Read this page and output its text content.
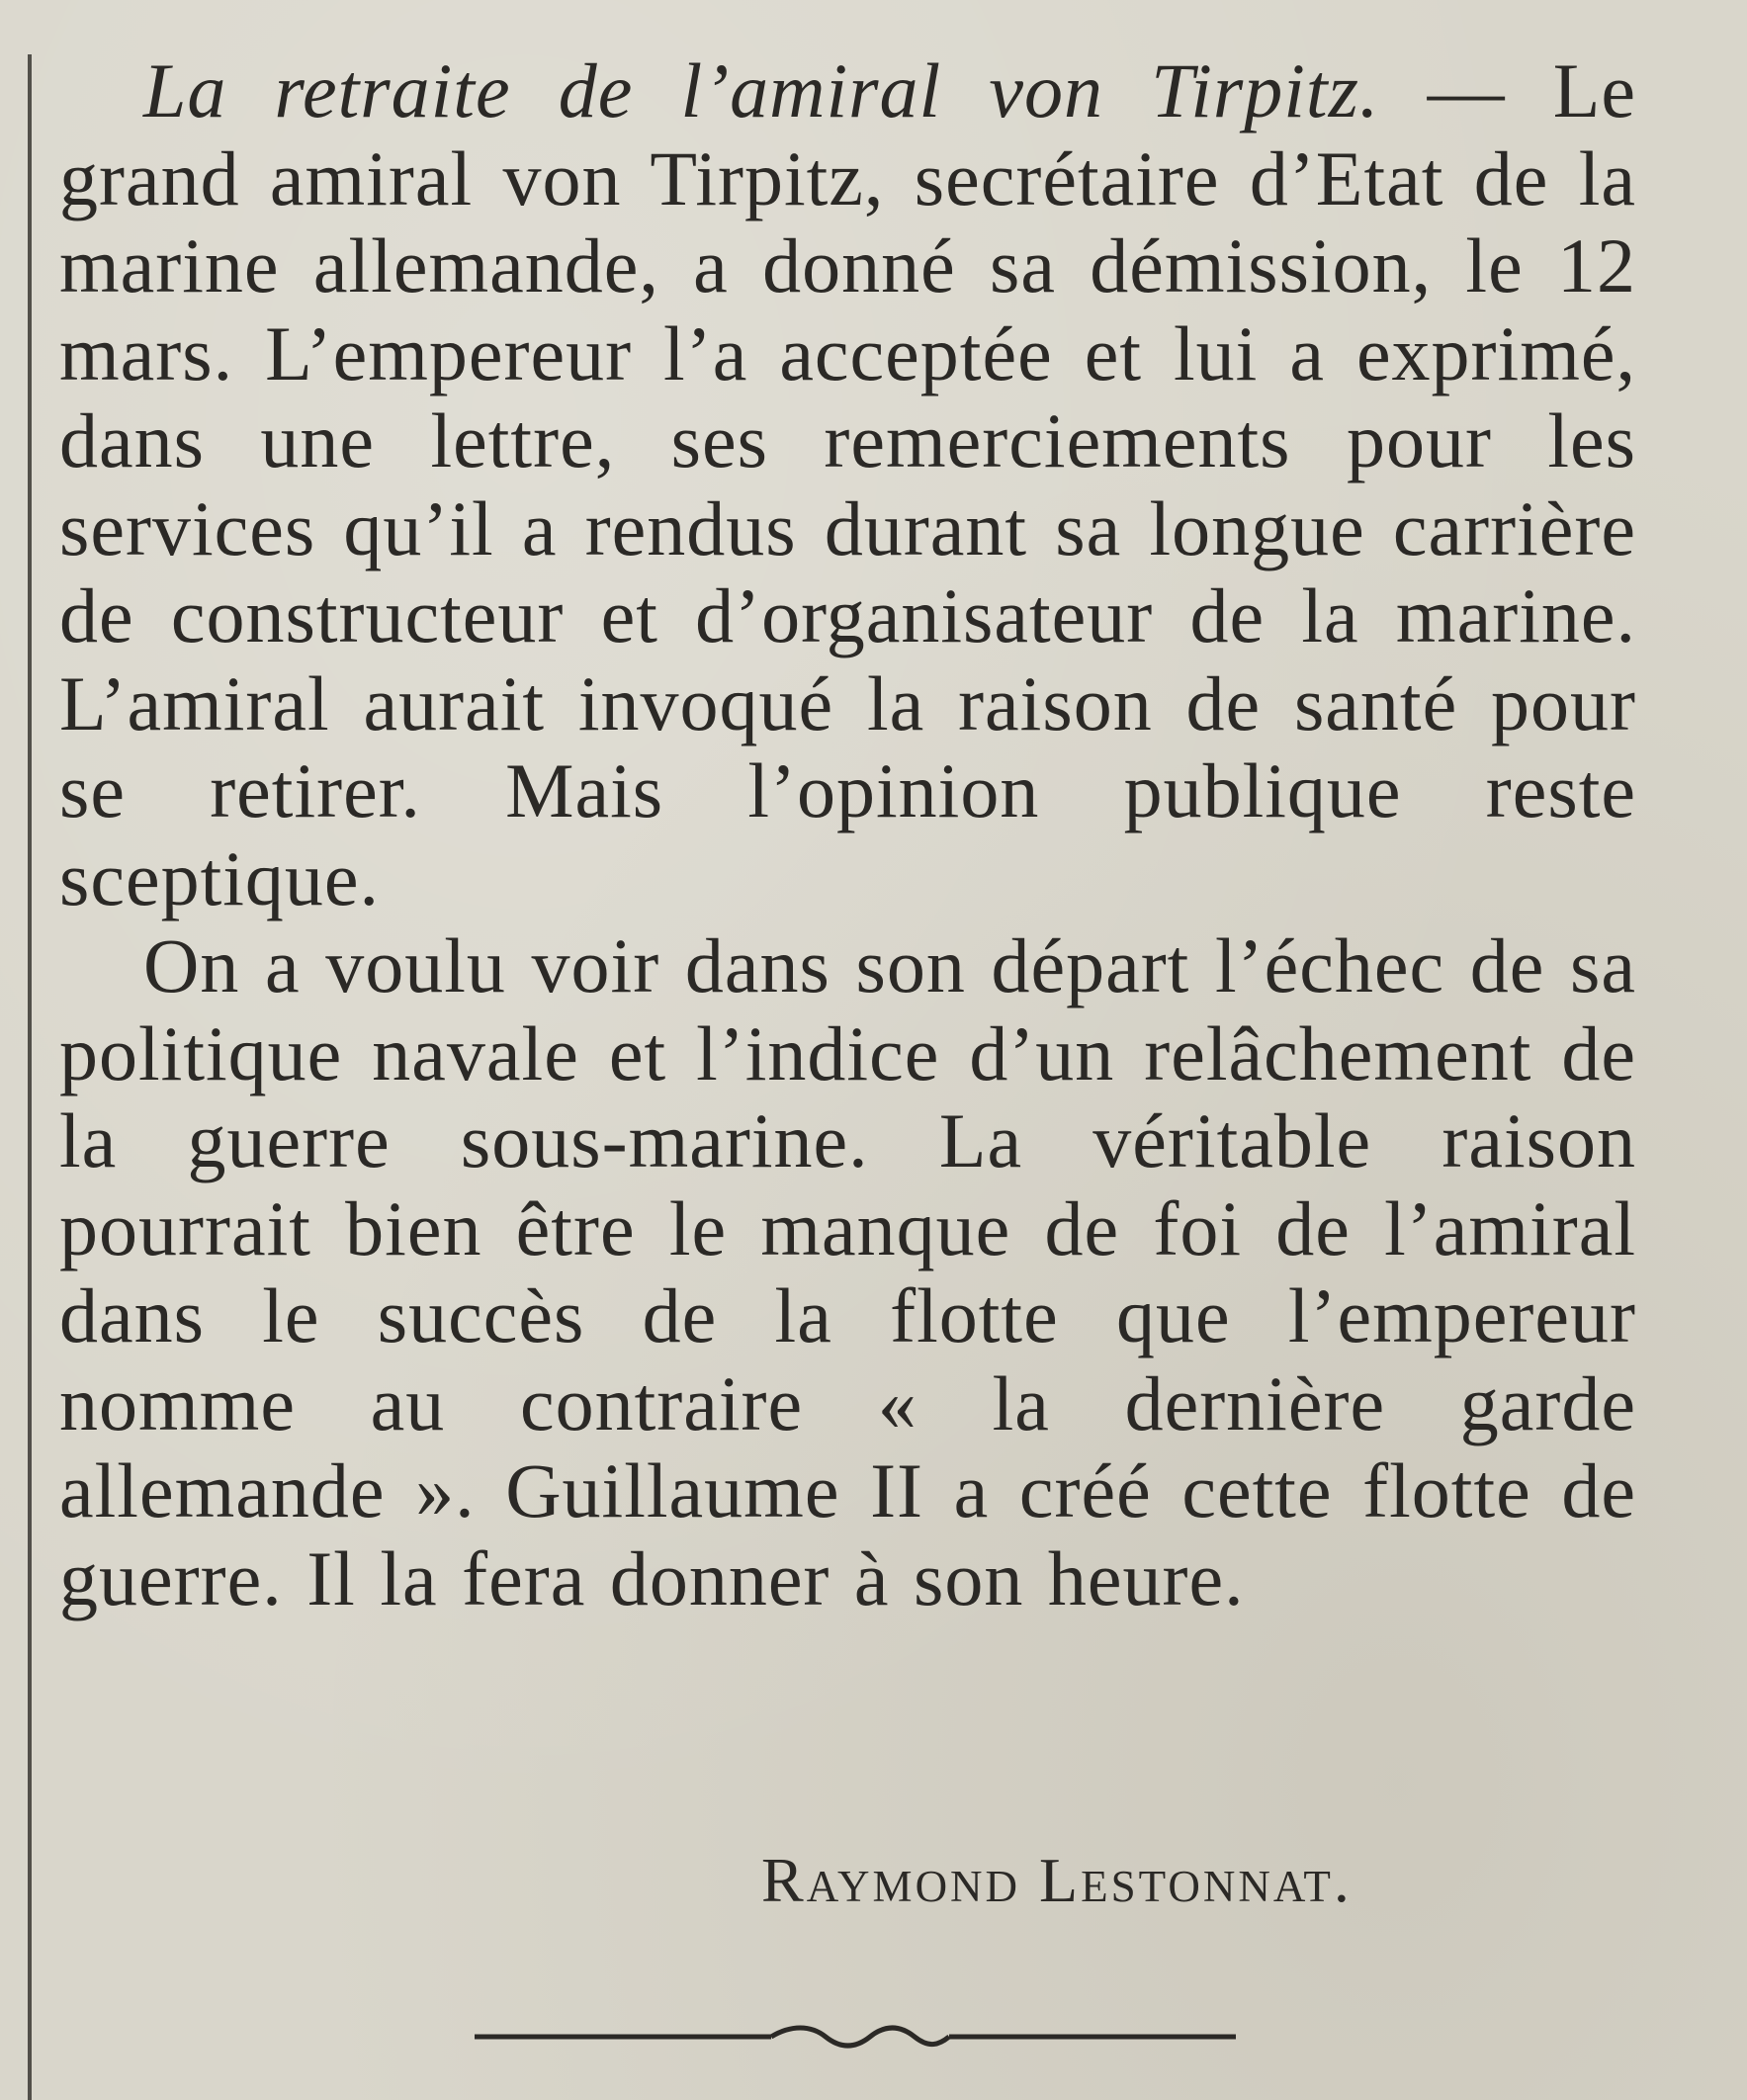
La retraite de l’amiral von Tirpitz. — Le grand amiral von Tirpitz, secrétaire d’Etat de la marine allemande, a donné sa démission, le 12 mars. L’empereur l’a acceptée et lui a exprimé, dans une lettre, ses remerciements pour les services qu’il a rendus durant sa longue carrière de constructeur et d’organisateur de la marine. L’amiral aurait invoqué la raison de santé pour se retirer. Mais l’opinion publique reste sceptique.

On a voulu voir dans son départ l’échec de sa politique navale et l’indice d’un relâchement de la guerre sous-marine. La véritable raison pourrait bien être le manque de foi de l’amiral dans le succès de la flotte que l’empereur nomme au contraire « la dernière garde allemande ». Guillaume II a créé cette flotte de guerre. Il la fera donner à son heure.

Raymond Lestonnat.
